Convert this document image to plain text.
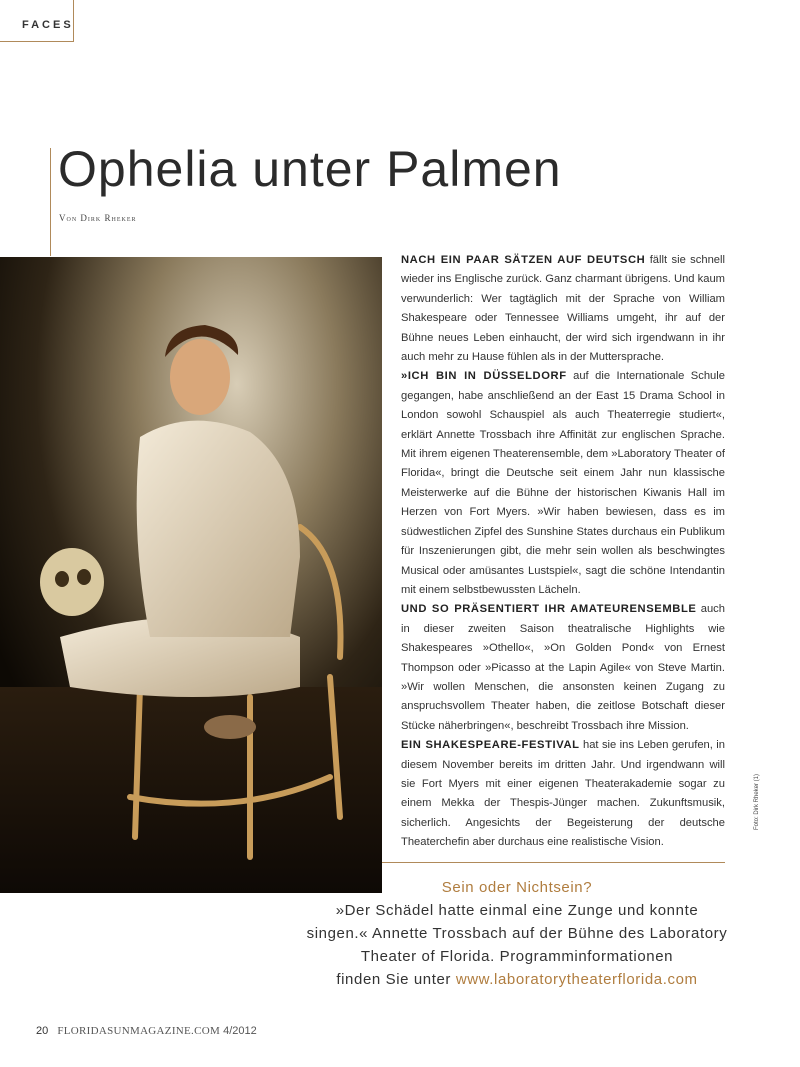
FACES
Ophelia unter Palmen
Von Dirk Rheker

NACH EIN PAAR SÄTZEN AUF DEUTSCH fällt sie schnell wieder ins Englische zurück. Ganz charmant übrigens. Und kaum verwunderlich: Wer tagtäglich mit der Sprache von William Shakespeare oder Tennessee Williams umgeht, ihr auf der Bühne neues Leben einhaucht, der wird sich irgendwann in ihr auch mehr zu Hause fühlen als in der Muttersprache.

»ICH BIN IN DÜSSELDORF auf die Internationale Schule gegangen, habe anschließend an der East 15 Drama School in London sowohl Schauspiel als auch Theaterregie studiert«, erklärt Annette Trossbach ihre Affinität zur englischen Sprache. Mit ihrem eigenen Theaterensemble, dem »Laboratory Theater of Florida«, bringt die Deutsche seit einem Jahr nun klassische Meisterwerke auf die Bühne der historischen Kiwanis Hall im Herzen von Fort Myers. »Wir haben bewiesen, dass es im südwestlichen Zipfel des Sunshine States durchaus ein Publikum für Inszenierungen gibt, die mehr sein wollen als beschwingtes Musical oder amüsantes Lustspiel«, sagt die schöne Intendantin mit einem selbstbewussten Lächeln.

UND SO PRÄSENTIERT IHR AMATEURENSEMBLE auch in dieser zweiten Saison theatralische Highlights wie Shakespeares »Othello«, »On Golden Pond« von Ernest Thompson oder »Picasso at the Lapin Agile« von Steve Martin. »Wir wollen Menschen, die ansonsten keinen Zugang zu anspruchsvollem Theater haben, die zeitlose Botschaft dieser Stücke näherbringen«, beschreibt Trossbach ihre Mission.

EIN SHAKESPEARE-FESTIVAL hat sie ins Leben gerufen, in diesem November bereits im dritten Jahr. Und irgendwann will sie Fort Myers mit einer eigenen Theaterakademie sogar zu einem Mekka der Thespis-Jünger machen. Zukunftsmusik, sicherlich. Angesichts der Begeisterung der deutsche Theaterchefin aber durchaus eine realistische Vision.

Sein oder Nichtsein?
»Der Schädel hatte einmal eine Zunge und konnte
singen.« Annette Trossbach auf der Bühne des Laboratory
Theater of Florida. Programminformationen
finden Sie unter www.laboratorytheaterflorida.com
Foto: Dirk Rheker (1)
20 FLORIDASUNMAGAZINE.COM 4/2012
